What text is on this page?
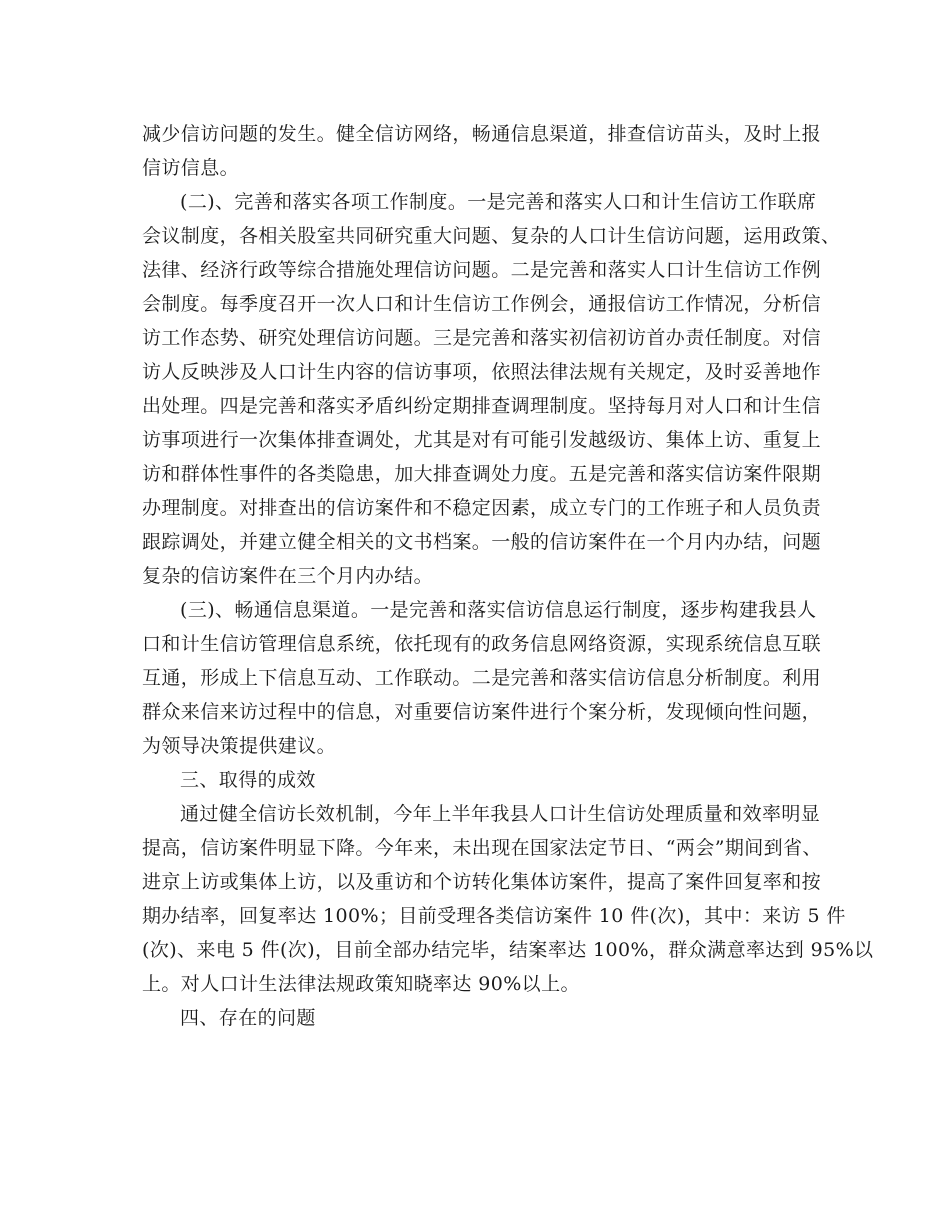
减少信访问题的发生。健全信访网络，畅通信息渠道，排查信访苗头，及时上报
信访信息。
(二)、完善和落实各项工作制度。一是完善和落实人口和计生信访工作联席
会议制度，各相关股室共同研究重大问题、复杂的人口计生信访问题，运用政策、
法律、经济行政等综合措施处理信访问题。二是完善和落实人口计生信访工作例
会制度。每季度召开一次人口和计生信访工作例会，通报信访工作情况，分析信
访工作态势、研究处理信访问题。三是完善和落实初信初访首办责任制度。对信
访人反映涉及人口计生内容的信访事项，依照法律法规有关规定，及时妥善地作
出处理。四是完善和落实矛盾纠纷定期排查调理制度。坚持每月对人口和计生信
访事项进行一次集体排查调处，尤其是对有可能引发越级访、集体上访、重复上
访和群体性事件的各类隐患，加大排查调处力度。五是完善和落实信访案件限期
办理制度。对排查出的信访案件和不稳定因素，成立专门的工作班子和人员负责
跟踪调处，并建立健全相关的文书档案。一般的信访案件在一个月内办结，问题
复杂的信访案件在三个月内办结。
(三)、畅通信息渠道。一是完善和落实信访信息运行制度，逐步构建我县人
口和计生信访管理信息系统，依托现有的政务信息网络资源，实现系统信息互联
互通，形成上下信息互动、工作联动。二是完善和落实信访信息分析制度。利用
群众来信来访过程中的信息，对重要信访案件进行个案分析，发现倾向性问题，
为领导决策提供建议。
三、取得的成效
通过健全信访长效机制，今年上半年我县人口计生信访处理质量和效率明显
提高，信访案件明显下降。今年来，未出现在国家法定节日、“两会”期间到省、
进京上访或集体上访，以及重访和个访转化集体访案件，提高了案件回复率和按
期办结率，回复率达 100%；目前受理各类信访案件 10 件(次)，其中：来访 5 件
(次)、来电 5 件(次)，目前全部办结完毕，结案率达 100%，群众满意率达到 95%以
上。对人口计生法律法规政策知晓率达 90%以上。
四、存在的问题
